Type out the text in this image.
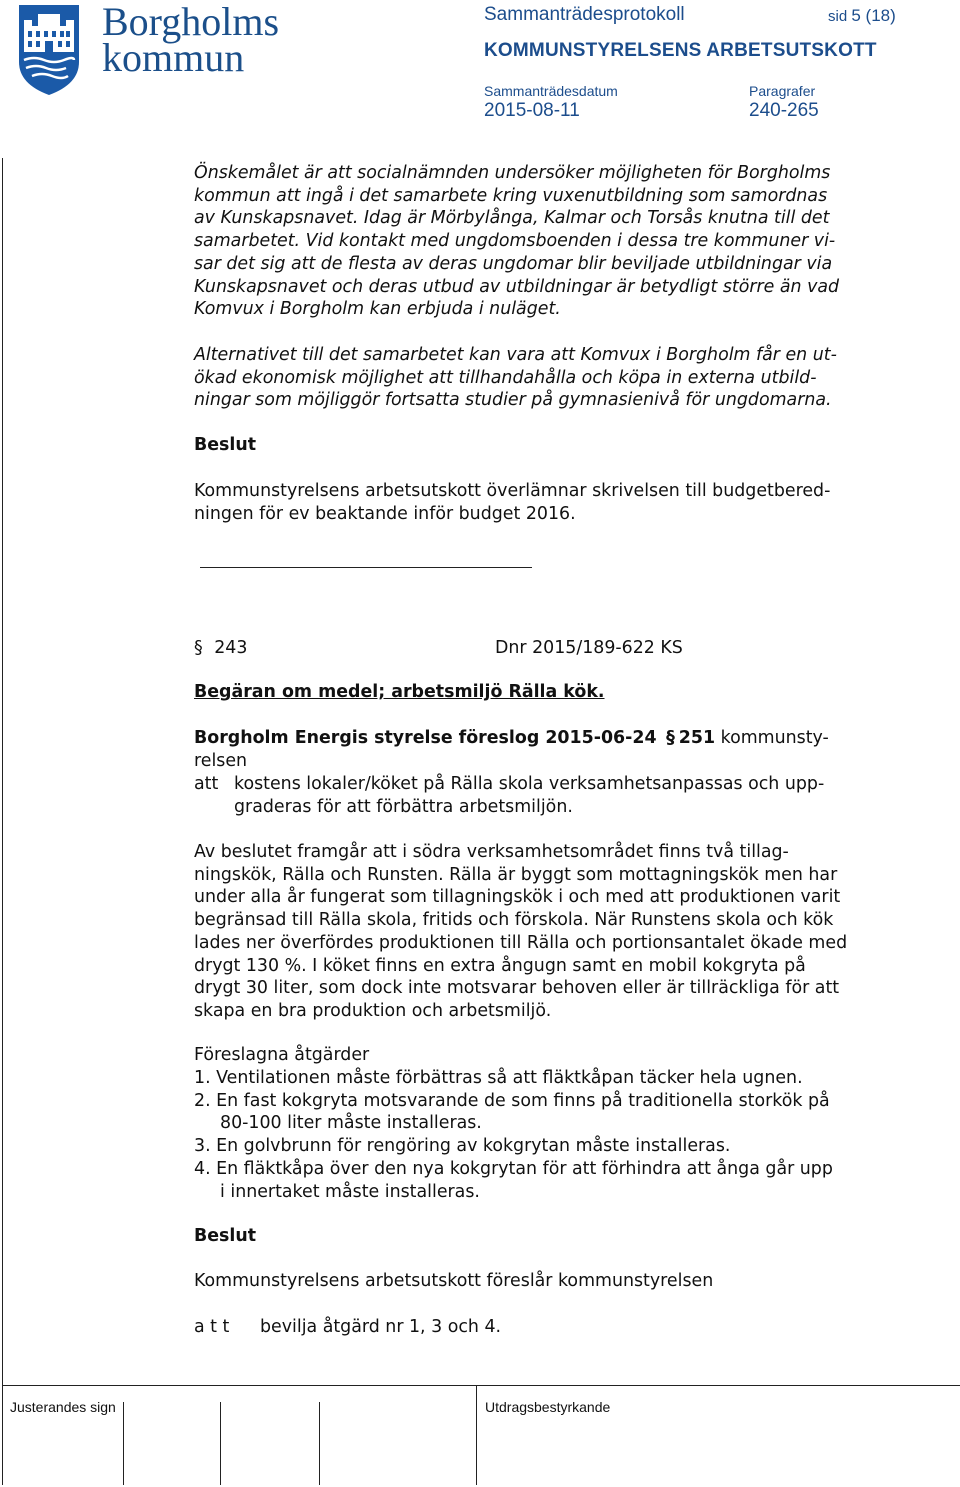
Borgholms
kommun
Sammanträdesprotokoll	sid 5 (18)
KOMMUNSTYRELSENS ARBETSUTSKOTT
Sammanträdesdatum
2015-08-11
Paragrafer
240-265
Önskemålet är att socialnämnden undersöker möjligheten för Borgholms
kommun att ingå i det samarbete kring vuxenutbildning som samordnas
av Kunskapsnavet. Idag är Mörbylånga, Kalmar och Torsås knutna till det
samarbetet. Vid kontakt med ungdomsboenden i dessa tre kommuner vi-
sar det sig att de flesta av deras ungdomar blir beviljade utbildningar via
Kunskapsnavet och deras utbud av utbildningar är betydligt större än vad
Komvux i Borgholm kan erbjuda i nuläget.
Alternativet till det samarbetet kan vara att Komvux i Borgholm får en ut-
ökad ekonomisk möjlighet att tillhandahålla och köpa in externa utbild-
ningar som möjliggör fortsatta studier på gymnasienivå för ungdomarna.
Beslut
Kommunstyrelsens arbetsutskott överlämnar skrivelsen till budgetbered-
ningen för ev beaktande inför budget 2016.
§ 243	Dnr 2015/189-622 KS
Begäran om medel; arbetsmiljö Rälla kök.
Borgholm Energis styrelse föreslog 2015-06-24 § 251 kommunsty-
relsen
att kostens lokaler/köket på Rälla skola verksamhetsanpassas och upp-
graderas för att förbättra arbetsmiljön.
Av beslutet framgår att i södra verksamhetsområdet finns två tillag-
ningskök, Rälla och Runsten. Rälla är byggt som mottagningskök men har
under alla år fungerat som tillagningskök i och med att produktionen varit
begränsad till Rälla skola, fritids och förskola. När Runstens skola och kök
lades ner överfördes produktionen till Rälla och portionsantalet ökade med
drygt 130 %. I köket finns en extra ångugn samt en mobil kokgryta på
drygt 30 liter, som dock inte motsvarar behoven eller är tillräckliga för att
skapa en bra produktion och arbetsmiljö.
Föreslagna åtgärder
1. Ventilationen måste förbättras så att fläktkåpan täcker hela ugnen.
2. En fast kokgryta motsvarande de som finns på traditionella storkök på
80-100 liter måste installeras.
3. En golvbrunn för rengöring av kokgrytan måste installeras.
4. En fläktkåpa över den nya kokgrytan för att förhindra att ånga går upp
i innertaket måste installeras.
Beslut
Kommunstyrelsens arbetsutskott föreslår kommunstyrelsen
a t t bevilja åtgärd nr 1, 3 och 4.
Justerandes sign	Utdragsbestyrkande
